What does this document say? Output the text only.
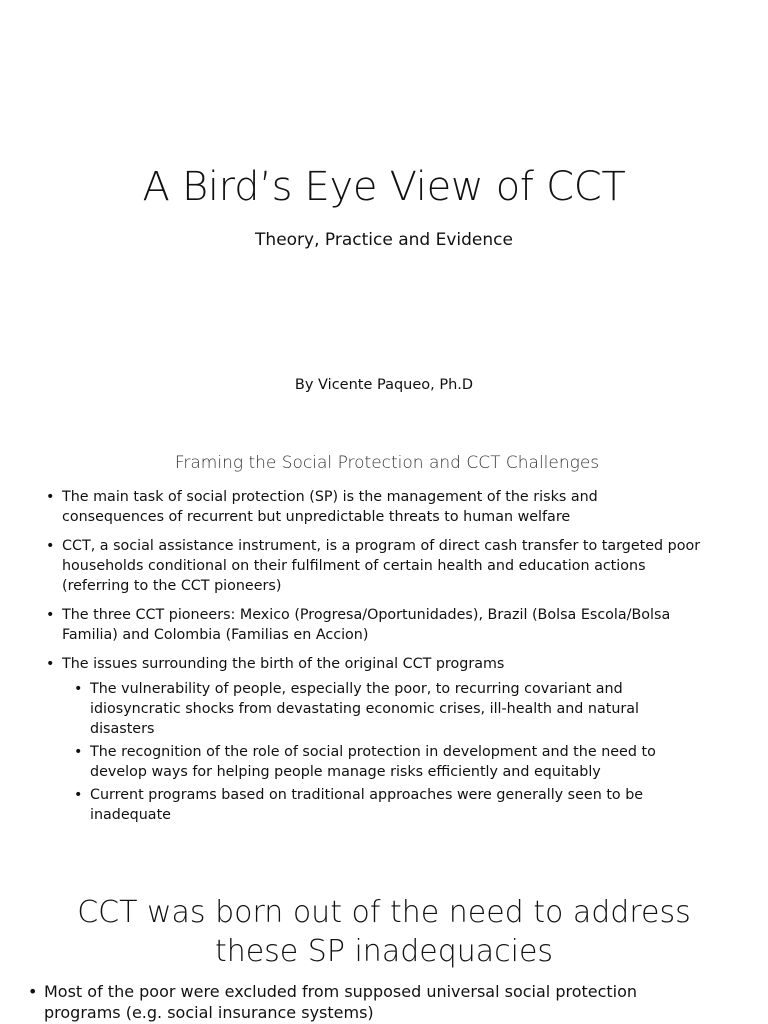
A Bird’s Eye View of CCT
Theory, Practice and Evidence
By Vicente Paqueo, Ph.D
Framing the Social Protection and CCT Challenges
• The main task of social protection (SP) is the management of the risks and consequences of recurrent but unpredictable threats to human welfare
• CCT, a social assistance instrument, is a program of direct cash transfer to targeted poor households conditional on their fulfilment of certain health and education actions (referring to the CCT pioneers)
• The three CCT pioneers: Mexico (Progresa/Oportunidades), Brazil (Bolsa Escola/Bolsa Familia) and Colombia (Familias en Accion)
• The issues surrounding the birth of the original CCT programs
• The vulnerability of people, especially the poor, to recurring covariant and idiosyncratic shocks from devastating economic crises, ill-health and natural disasters
• The recognition of the role of social protection in development and the need to develop ways for helping people manage risks efficiently and equitably
• Current programs based on traditional approaches were generally seen to be inadequate
CCT was born out of the need to address
these SP inadequacies
• Most of the poor were excluded from supposed universal social protection programs (e.g. social insurance systems)
